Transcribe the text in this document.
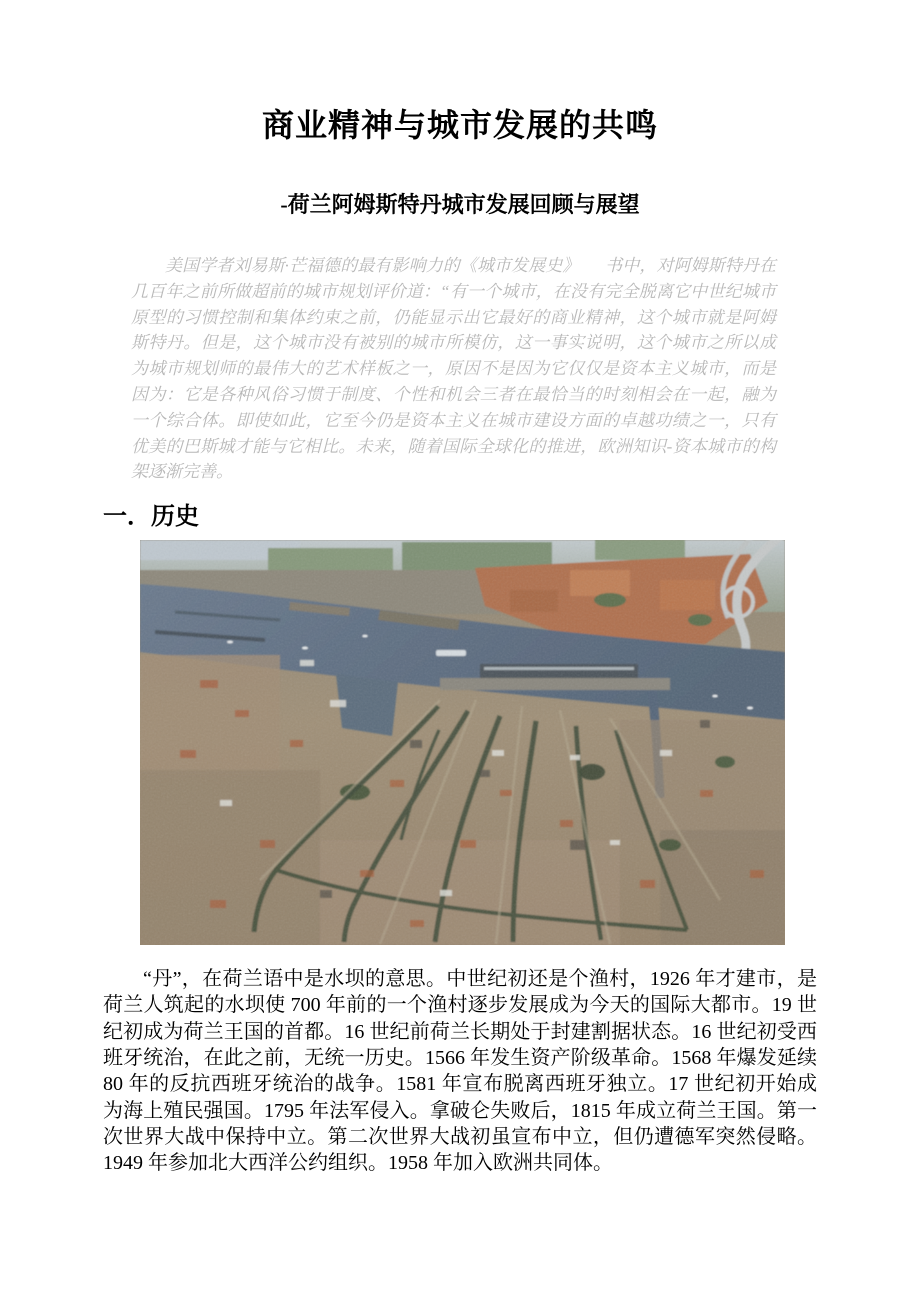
商业精神与城市发展的共鸣
-荷兰阿姆斯特丹城市发展回顾与展望

美国学者刘易斯·芒福德的最有影响力的《城市发展史》　　书中，对阿姆斯特丹在几百年之前所做超前的城市规划评价道：“有一个城市，在没有完全脱离它中世纪城市原型的习惯控制和集体约束之前，仍能显示出它最好的商业精神，这个城市就是阿姆斯特丹。但是，这个城市没有被别的城市所模仿，这一事实说明，这个城市之所以成为城市规划师的最伟大的艺术样板之一，原因不是因为它仅仅是资本主义城市，而是因为：它是各种风俗习惯于制度、个性和机会三者在最恰当的时刻相会在一起，融为一个综合体。即使如此，它至今仍是资本主义在城市建设方面的卓越功绩之一，只有优美的巴斯城才能与它相比。未来，随着国际全球化的推进，欧洲知识-资本城市的构架逐渐完善。

一．历史

“丹”，在荷兰语中是水坝的意思。中世纪初还是个渔村，1926 年才建市，是荷兰人筑起的水坝使 700 年前的一个渔村逐步发展成为今天的国际大都市。19 世纪初成为荷兰王国的首都。16 世纪前荷兰长期处于封建割据状态。16 世纪初受西班牙统治，在此之前，无统一历史。1566 年发生资产阶级革命。1568 年爆发延续 80 年的反抗西班牙统治的战争。1581 年宣布脱离西班牙独立。17 世纪初开始成为海上殖民强国。1795 年法军侵入。拿破仑失败后，1815 年成立荷兰王国。第一次世界大战中保持中立。第二次世界大战初虽宣布中立，但仍遭德军突然侵略。1949 年参加北大西洋公约组织。1958 年加入欧洲共同体。
